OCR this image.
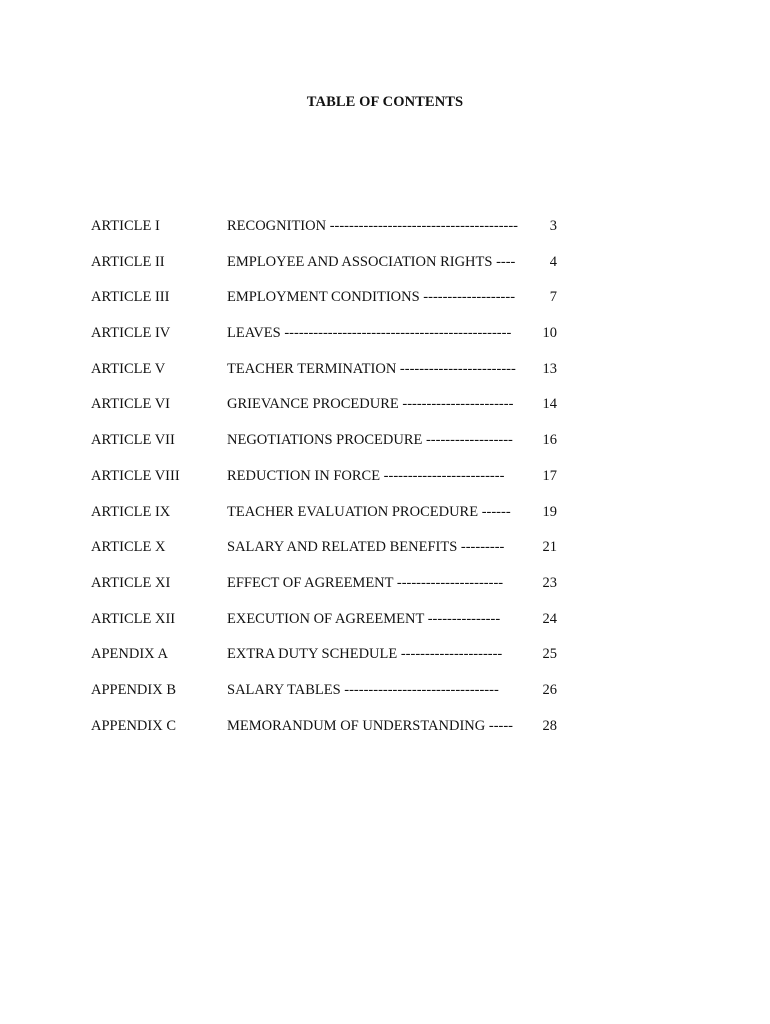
TABLE OF CONTENTS
ARTICLE I	RECOGNITION ---------------------------------------	3
ARTICLE II	EMPLOYEE AND ASSOCIATION RIGHTS ----	4
ARTICLE III	EMPLOYMENT CONDITIONS -------------------	7
ARTICLE IV	LEAVES -----------------------------------------------	10
ARTICLE V	TEACHER TERMINATION ------------------------	13
ARTICLE VI	GRIEVANCE PROCEDURE -----------------------	14
ARTICLE VII	NEGOTIATIONS PROCEDURE ------------------	16
ARTICLE VIII	REDUCTION IN FORCE -------------------------	17
ARTICLE IX	TEACHER EVALUATION PROCEDURE ------	19
ARTICLE X	SALARY AND RELATED BENEFITS ---------	21
ARTICLE XI	EFFECT OF AGREEMENT ----------------------	23
ARTICLE XII	EXECUTION OF AGREEMENT ---------------	24
APENDIX A	EXTRA DUTY SCHEDULE ---------------------	25
APPENDIX B	SALARY TABLES --------------------------------	26
APPENDIX C	MEMORANDUM OF UNDERSTANDING -----	28
